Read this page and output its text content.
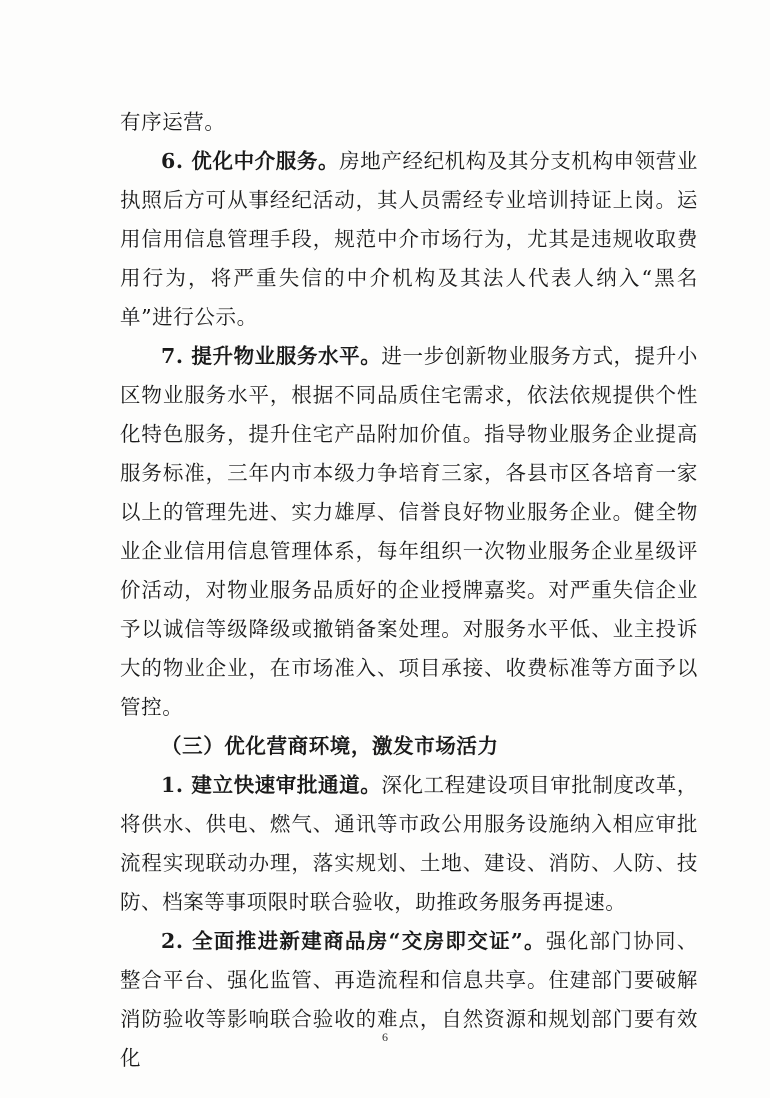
有序运营。

6. 优化中介服务。房地产经纪机构及其分支机构申领营业执照后方可从事经纪活动，其人员需经专业培训持证上岗。运用信用信息管理手段，规范中介市场行为，尤其是违规收取费用行为，将严重失信的中介机构及其法人代表人纳入“黑名单”进行公示。

7. 提升物业服务水平。进一步创新物业服务方式，提升小区物业服务水平，根据不同品质住宅需求，依法依规提供个性化特色服务，提升住宅产品附加价值。指导物业服务企业提高服务标准，三年内市本级力争培育三家，各县市区各培育一家以上的管理先进、实力雄厚、信誉良好物业服务企业。健全物业企业信用信息管理体系，每年组织一次物业服务企业星级评价活动，对物业服务品质好的企业授牌嘉奖。对严重失信企业予以诚信等级降级或撤销备案处理。对服务水平低、业主投诉大的物业企业，在市场准入、项目承接、收费标准等方面予以管控。

（三）优化营商环境，激发市场活力

1. 建立快速审批通道。深化工程建设项目审批制度改革，将供水、供电、燃气、通讯等市政公用服务设施纳入相应审批流程实现联动办理，落实规划、土地、建设、消防、人防、技防、档案等事项限时联合验收，助推政务服务再提速。

2. 全面推进新建商品房“交房即交证”。强化部门协同、整合平台、强化监管、再造流程和信息共享。住建部门要破解消防验收等影响联合验收的难点，自然资源和规划部门要有效化

6
